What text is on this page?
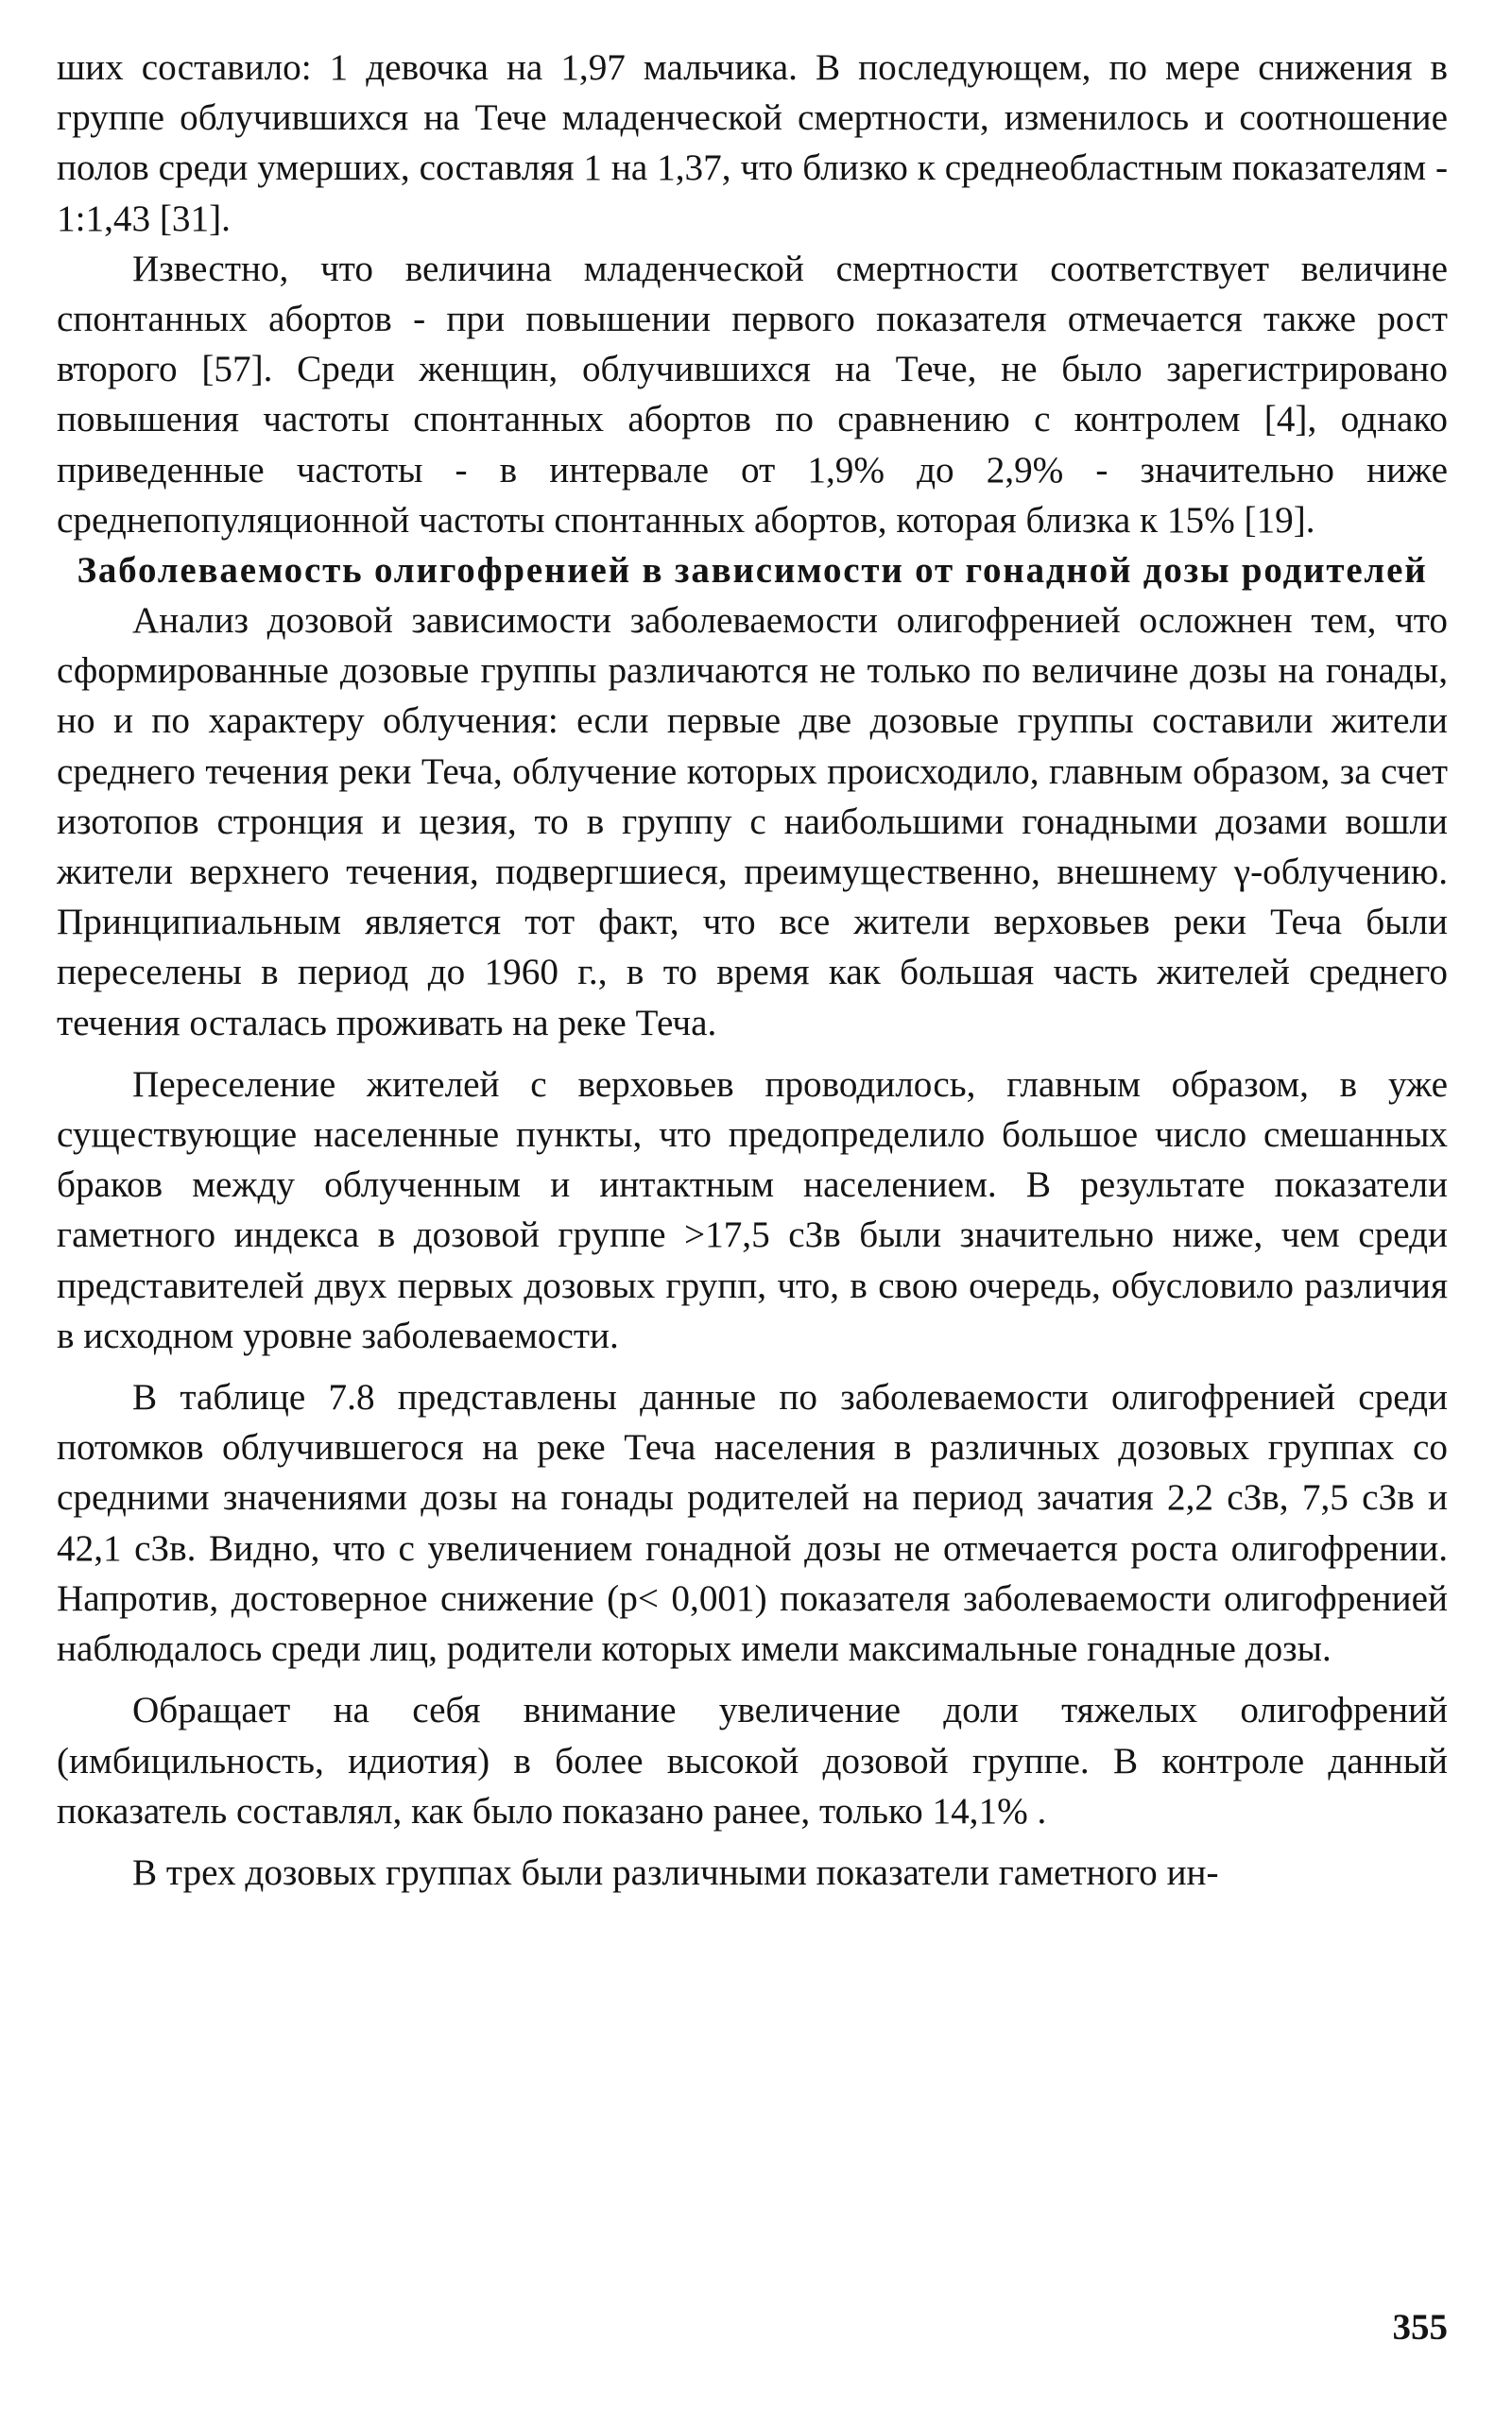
ших составило: 1 девочка на 1,97 мальчика. В последующем, по мере снижения в группе облучившихся на Тече младенческой смертности, изменилось и соотношение полов среди умерших, составляя 1 на 1,37, что близко к среднеобластным показателям - 1:1,43 [31].

Известно, что величина младенческой смертности соответствует величине спонтанных абортов - при повышении первого показателя отмечается также рост второго [57]. Среди женщин, облучившихся на Тече, не было зарегистрировано повышения частоты спонтанных абортов по сравнению с контролем [4], однако приведенные частоты - в интервале от 1,9% до 2,9% - значительно ниже среднепопуляционной частоты спонтанных абортов, которая близка к 15% [19].

Заболеваемость олигофренией в зависимости от гонадной дозы родителей

Анализ дозовой зависимости заболеваемости олигофренией осложнен тем, что сформированные дозовые группы различаются не только по величине дозы на гонады, но и по характеру облучения: если первые две дозовые группы составили жители среднего течения реки Теча, облучение которых происходило, главным образом, за счет изотопов стронция и цезия, то в группу с наибольшими гонадными дозами вошли жители верхнего течения, подвергшиеся, преимущественно, внешнему γ-облучению. Принципиальным является тот факт, что все жители верховьев реки Теча были переселены в период до 1960 г., в то время как большая часть жителей среднего течения осталась проживать на реке Теча.

Переселение жителей с верховьев проводилось, главным образом, в уже существующие населенные пункты, что предопределило большое число смешанных браков между облученным и интактным населением. В результате показатели гаметного индекса в дозовой группе >17,5 сЗв были значительно ниже, чем среди представителей двух первых дозовых групп, что, в свою очередь, обусловило различия в исходном уровне заболеваемости.

В таблице 7.8 представлены данные по заболеваемости олигофренией среди потомков облучившегося на реке Теча населения в различных дозовых группах со средними значениями дозы на гонады родителей на период зачатия 2,2 сЗв, 7,5 сЗв и 42,1 сЗв. Видно, что с увеличением гонадной дозы не отмечается роста олигофрении. Напротив, достоверное снижение (p< 0,001) показателя заболеваемости олигофренией наблюдалось среди лиц, родители которых имели максимальные гонадные дозы.

Обращает на себя внимание увеличение доли тяжелых олигофрений (имбицильность, идиотия) в более высокой дозовой группе. В контроле данный показатель составлял, как было показано ранее, только 14,1% .

В трех дозовых группах были различными показатели гаметного ин-

355
